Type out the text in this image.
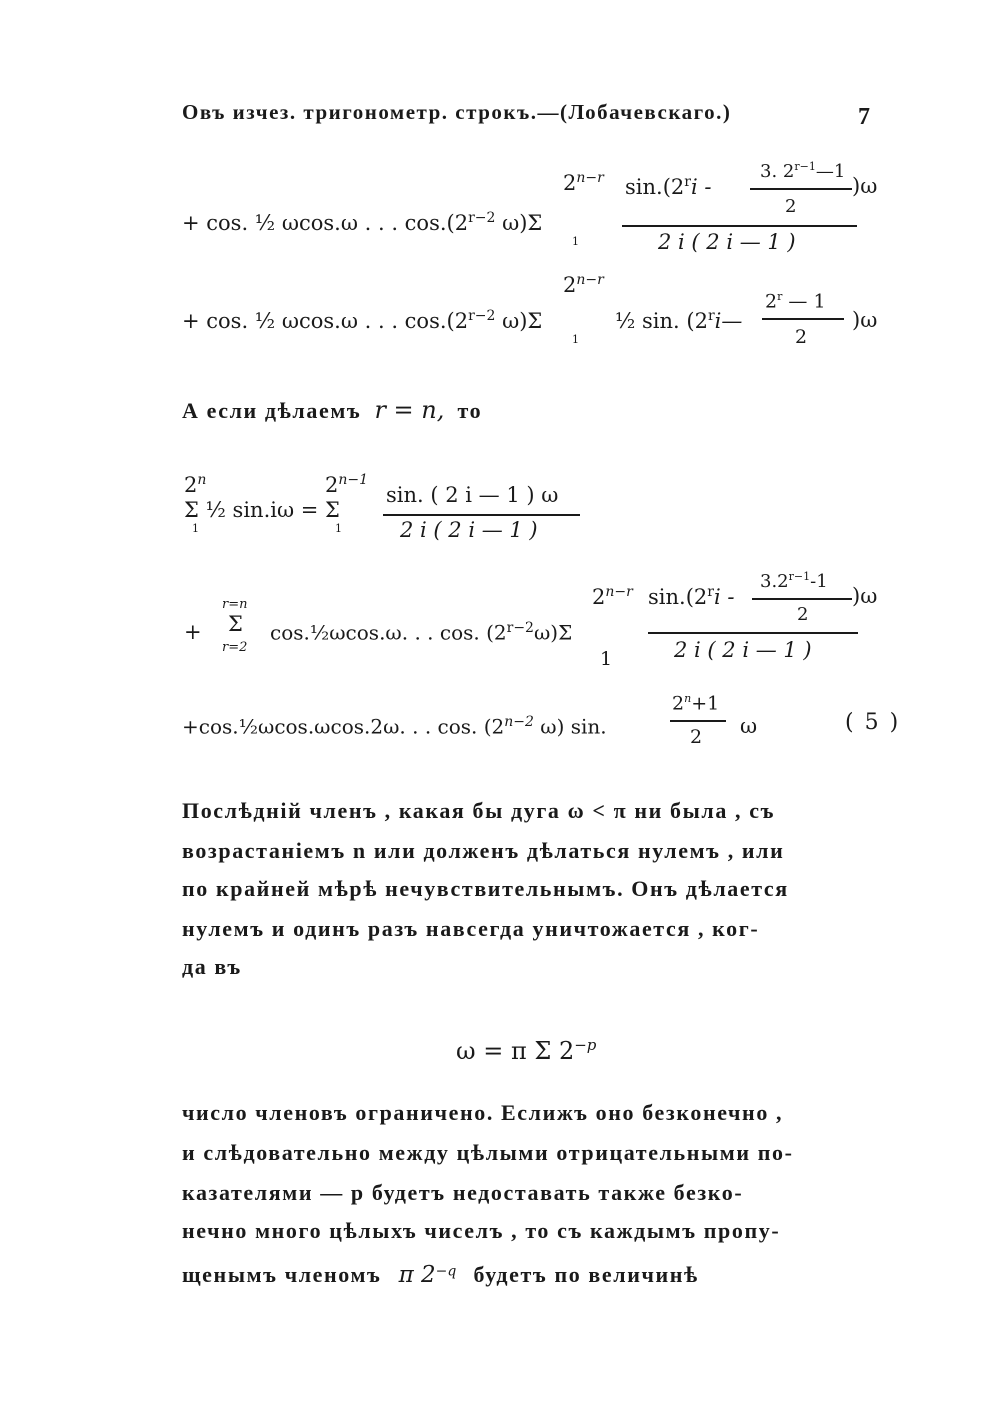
Овъ изчез. тригонометр. строкъ.—(Лобачевскаго.)	7
+ cos. ½ ωcos.ω . . . $\cos.(2^{r-2}$ ω)Σ
$2^{n-r}$
1
sin.(2$^r$i -
3. $2^{r-1}—1$
2
)ω
2 i ( 2 i — 1 )
+ cos. ½ ωcos.ω . . . $\cos.(2^{r-2}$ ω)Σ
$2^{n-r}$
1
½ sin. (2$^r$i—
2$^r$ — 1
2
)ω
А если дѣлаемъ r = n, то
2$^n$
Σ ½ sin.iω = Σ
1
$2^{n-1}$
1
sin. ( 2 i — 1 ) ω
2 i ( 2 i — 1 )
+
r=n
Σ
r=2
cos.½ωcos.ω. . . cos. $(2^{r-2}\omega)\Sigma$
$2^{n-r}$
1
sin.(2$^r$i -
$3.2^{r-1}-1$
2
)ω
2 i ( 2 i — 1 )
+cos.½ωcos.ωcos.2ω. . . cos. ($2^{n-2}$ ω) sin.
$2^n+1$
2 ω	( 5 )
Послѣдній членъ , какая бы дуга ω < π ни была , съ
возрастаніемъ n или долженъ дѣлаться нулемъ , или
по крайней мѣрѣ нечувствительнымъ. Онъ дѣлается
нулемъ и одинъ разъ навсегда уничтожается , ког-
да въ
ω = π Σ $2^{-p}$
число членовъ ограничено. Еслижъ оно безконечно ,
и слѣдовательно между цѣлыми отрицательными по-
казателями — p будетъ недоставать также безко-
нечно много цѣлыхъ чиселъ , то съ каждымъ пропу-
щенымъ членомъ π $2^{-q}$ будетъ по величинѣ
